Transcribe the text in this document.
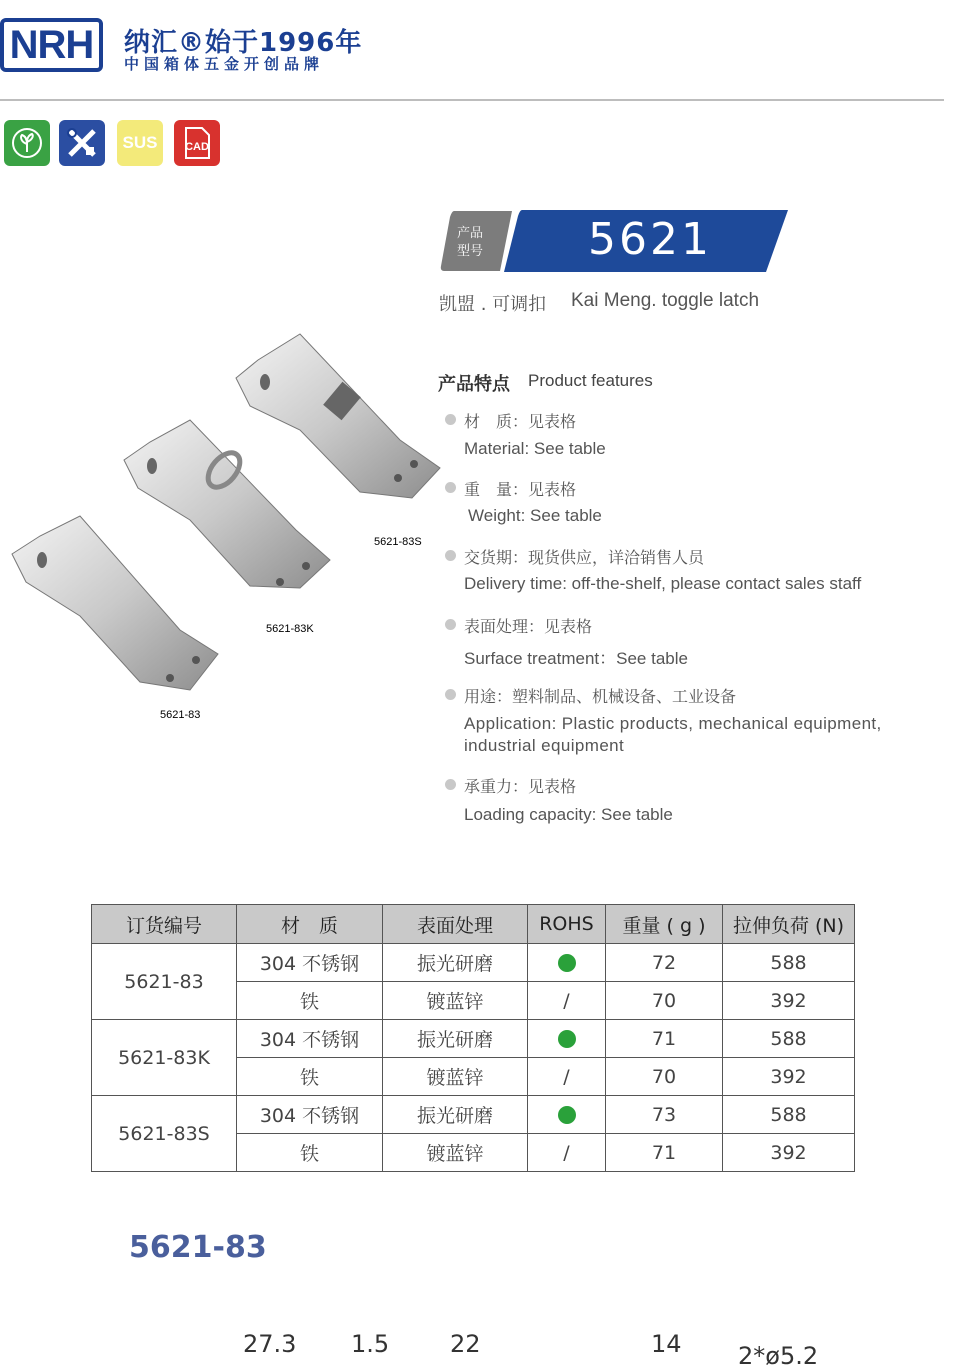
NRH 纳汇®始于1996年
中国箱体五金开创品牌
SUS	CAD
产品
型号	5621
凯盟 . 可调扣 Kai Meng. toggle latch
5621-83S
5621-83K
5621-83
产品特点 Product features
材　质：见表格
Material: See table
重　量：见表格
Weight: See table
交货期：现货供应，详洽销售人员
Delivery time: off-the-shelf, please contact sales staff
表面处理：见表格
Surface treatment：See table
用途：塑料制品、机械设备、工业设备
Application: Plastic products, mechanical equipment,
industrial equipment
承重力：见表格
Loading capacity: See table
订货编号	材　质	表面处理	ROHS	重量 ( g )	拉伸负荷 (N)
5621-83	304 不锈钢	振光研磨		72	588
	铁	镀蓝锌	/	70	392
5621-83K	304 不锈钢	振光研磨		71	588
	铁	镀蓝锌	/	70	392
5621-83S	304 不锈钢	振光研磨		73	588
	铁	镀蓝锌	/	71	392
5621-83
27.3 1.5	22	14 2*ø5.2
